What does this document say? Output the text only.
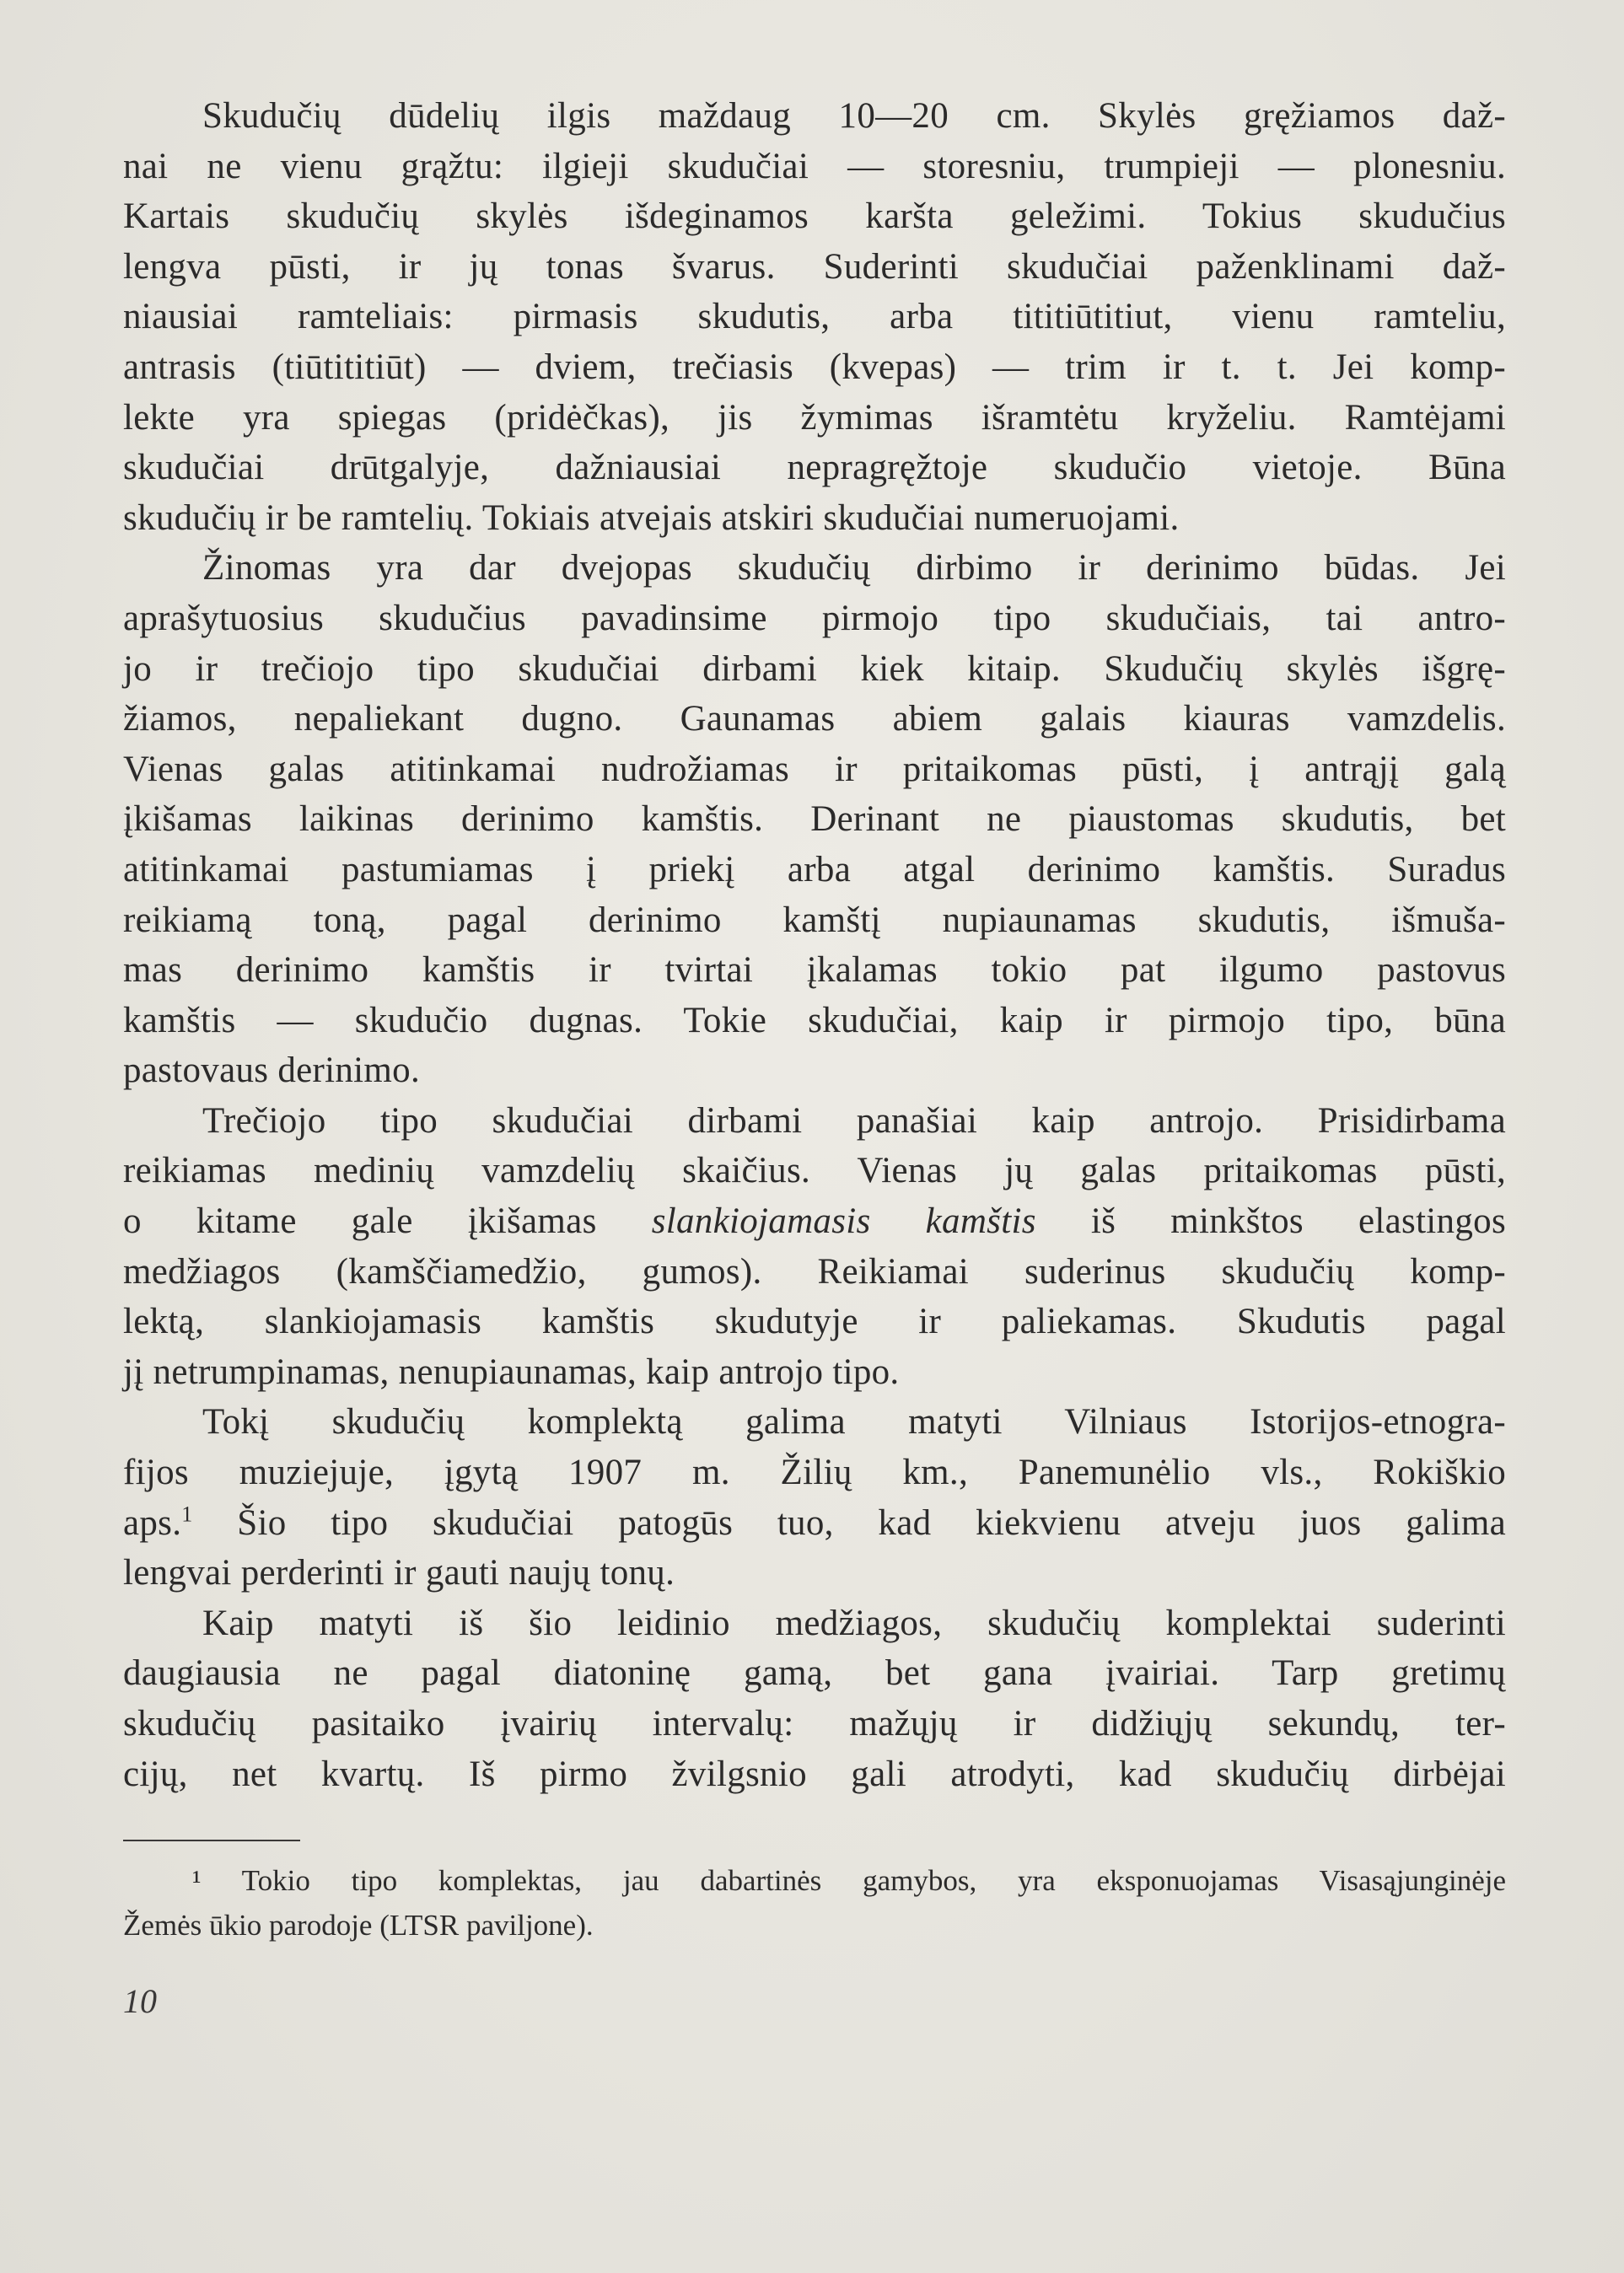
Skudučių dūdelių ilgis maždaug 10—20 cm. Skylės gręžiamos daž-
nai ne vienu grąžtu: ilgieji skudučiai — storesniu, trumpieji — plonesniu.
Kartais skudučių skylės išdeginamos karšta geležimi. Tokius skudučius
lengva pūsti, ir jų tonas švarus. Suderinti skudučiai paženklinami daž-
niausiai ramteliais: pirmasis skudutis, arba tititiūtitiut, vienu ramteliu,
antrasis (tiūtititiūt) — dviem, trečiasis (kvepas) — trim ir t. t. Jei komp-
lekte yra spiegas (pridėčkas), jis žymimas išramtėtu kryželiu. Ramtėjami
skudučiai drūtgalyje, dažniausiai nepragręžtoje skudučio vietoje. Būna
skudučių ir be ramtelių. Tokiais atvejais atskiri skudučiai numeruojami.

Žinomas yra dar dvejopas skudučių dirbimo ir derinimo būdas. Jei
aprašytuosius skudučius pavadinsime pirmojo tipo skudučiais, tai antro-
jo ir trečiojo tipo skudučiai dirbami kiek kitaip. Skudučių skylės išgrę-
žiamos, nepaliekant dugno. Gaunamas abiem galais kiauras vamzdelis.
Vienas galas atitinkamai nudrožiamas ir pritaikomas pūsti, į antrąjį galą
įkišamas laikinas derinimo kamštis. Derinant ne piaustomas skudutis, bet
atitinkamai pastumiamas į priekį arba atgal derinimo kamštis. Suradus
reikiamą toną, pagal derinimo kamštį nupiaunamas skudutis, išmuša-
mas derinimo kamštis ir tvirtai įkalamas tokio pat ilgumo pastovus
kamštis — skudučio dugnas. Tokie skudučiai, kaip ir pirmojo tipo, būna
pastovaus derinimo.

Trečiojo tipo skudučiai dirbami panašiai kaip antrojo. Prisidirbama
reikiamas medinių vamzdelių skaičius. Vienas jų galas pritaikomas pūsti,
o kitame gale įkišamas slankiojamasis kamštis iš minkštos elastingos
medžiagos (kamščiamedžio, gumos). Reikiamai suderinus skudučių komp-
lektą, slankiojamasis kamštis skudutyje ir paliekamas. Skudutis pagal
jį netrumpinamas, nenupiaunamas, kaip antrojo tipo.

Tokį skudučių komplektą galima matyti Vilniaus Istorijos-etnogra-
fijos muziejuje, įgytą 1907 m. Žilių km., Panemunėlio vls., Rokiškio
aps.$^1$ Šio tipo skudučiai patogūs tuo, kad kiekvienu atveju juos galima
lengvai perderinti ir gauti naujų tonų.

Kaip matyti iš šio leidinio medžiagos, skudučių komplektai suderinti
daugiausia ne pagal diatoninę gamą, bet gana įvairiai. Tarp gretimų
skudučių pasitaiko įvairių intervalų: mažųjų ir didžiųjų sekundų, ter-
cijų, net kvartų. Iš pirmo žvilgsnio gali atrodyti, kad skudučių dirbėjai

¹ Tokio tipo komplektas, jau dabartinės gamybos, yra eksponuojamas Visasąjunginėje
Žemės ūkio parodoje (LTSR paviljone).
10
